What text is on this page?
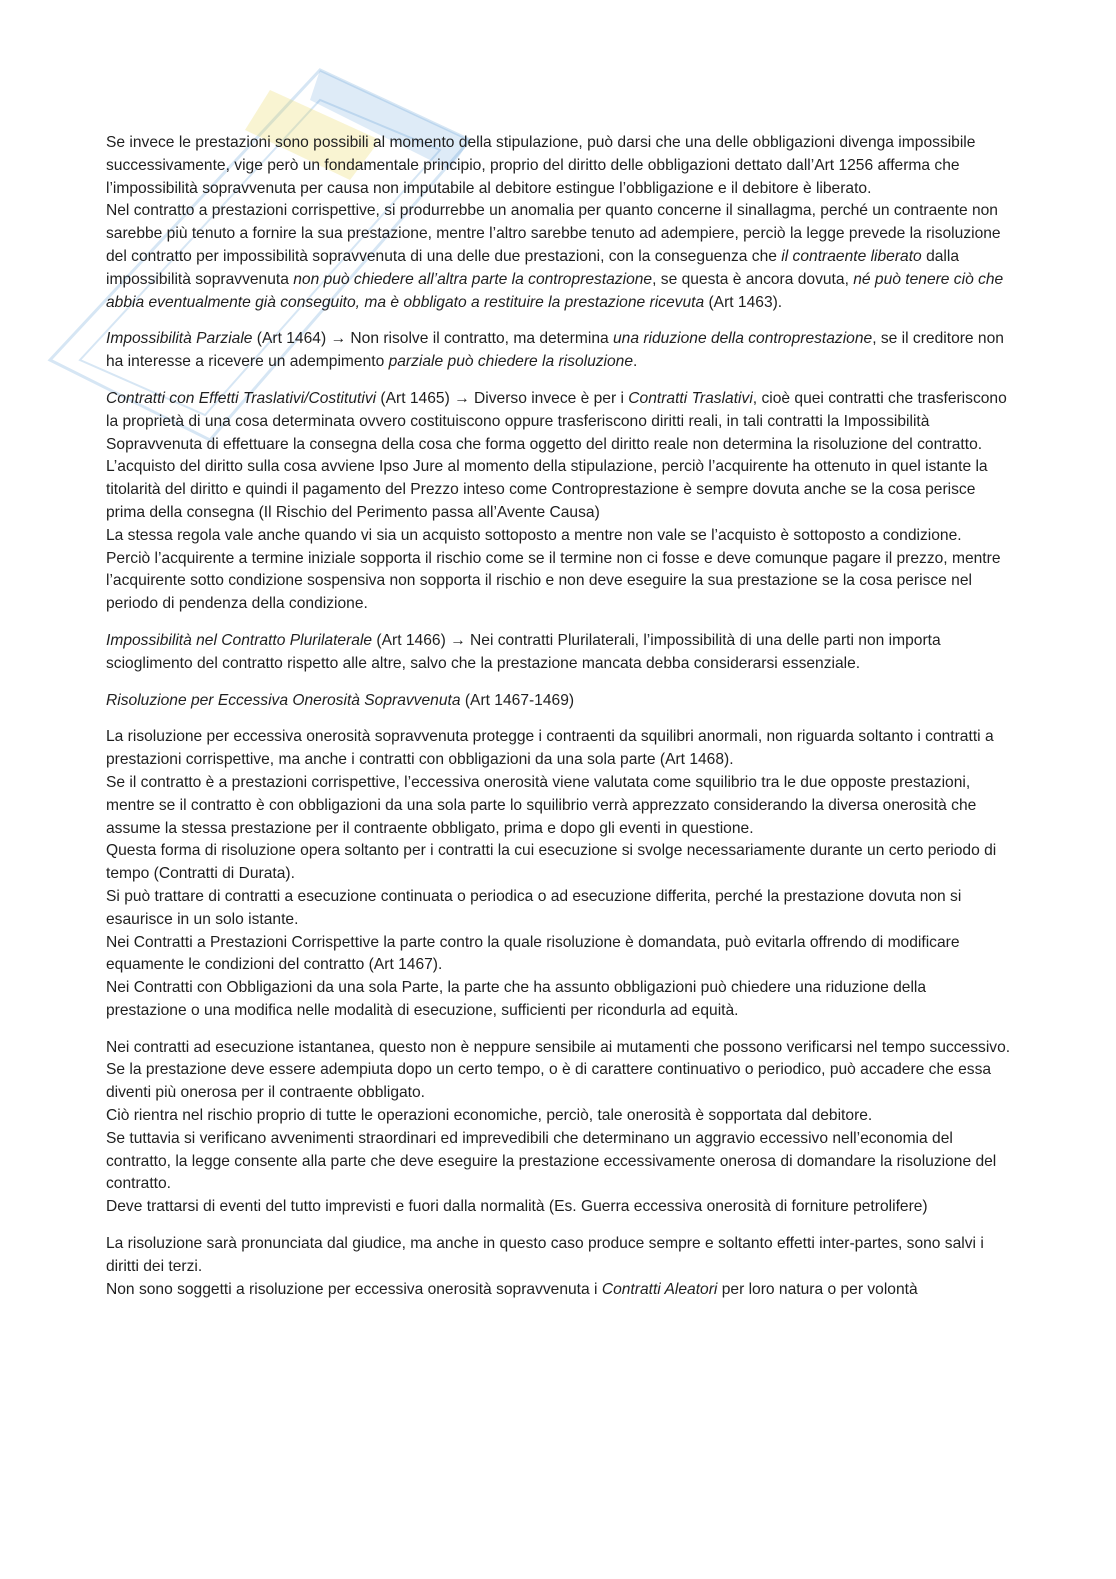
Se invece le prestazioni sono possibili al momento della stipulazione, può darsi che una delle obbligazioni divenga impossibile successivamente, vige però un fondamentale principio, proprio del diritto delle obbligazioni dettato dall’Art 1256 afferma che l’impossibilità sopravvenuta per causa non imputabile al debitore estingue l’obbligazione e il debitore è liberato.
Nel contratto a prestazioni corrispettive, si produrrebbe un anomalia per quanto concerne il sinallagma, perché un contraente non sarebbe più tenuto a fornire la sua prestazione, mentre l’altro sarebbe tenuto ad adempiere, perciò la legge prevede la risoluzione del contratto per impossibilità sopravvenuta di una delle due prestazioni, con la conseguenza che il contraente liberato dalla impossibilità sopravvenuta non può chiedere all’altra parte la controprestazione, se questa è ancora dovuta, né può tenere ciò che abbia eventualmente già conseguito, ma è obbligato a restituire la prestazione ricevuta (Art 1463).

Impossibilità Parziale (Art 1464) → Non risolve il contratto, ma determina una riduzione della controprestazione, se il creditore non ha interesse a ricevere un adempimento parziale può chiedere la risoluzione.

Contratti con Effetti Traslativi/Costitutivi (Art 1465) → Diverso invece è per i Contratti Traslativi, cioè quei contratti che trasferiscono la proprietà di una cosa determinata ovvero costituiscono oppure trasferiscono diritti reali, in tali contratti la Impossibilità Sopravvenuta di effettuare la consegna della cosa che forma oggetto del diritto reale non determina la risoluzione del contratto.
L’acquisto del diritto sulla cosa avviene Ipso Jure al momento della stipulazione, perciò l’acquirente ha ottenuto in quel istante la titolarità del diritto e quindi il pagamento del Prezzo inteso come Controprestazione è sempre dovuta anche se la cosa perisce prima della consegna (Il Rischio del Perimento passa all’Avente Causa)
La stessa regola vale anche quando vi sia un acquisto sottoposto a mentre non vale se l’acquisto è sottoposto a condizione.
Perciò l’acquirente a termine iniziale sopporta il rischio come se il termine non ci fosse e deve comunque pagare il prezzo, mentre l’acquirente sotto condizione sospensiva non sopporta il rischio e non deve eseguire la sua prestazione se la cosa perisce nel periodo di pendenza della condizione.

Impossibilità nel Contratto Plurilaterale (Art 1466) → Nei contratti Plurilaterali, l’impossibilità di una delle parti non importa scioglimento del contratto rispetto alle altre, salvo che la prestazione mancata debba considerarsi essenziale.

Risoluzione per Eccessiva Onerosità Sopravvenuta (Art 1467-1469)

La risoluzione per eccessiva onerosità sopravvenuta protegge i contraenti da squilibri anormali, non riguarda soltanto i contratti a prestazioni corrispettive, ma anche i contratti con obbligazioni da una sola parte (Art 1468).
Se il contratto è a prestazioni corrispettive, l’eccessiva onerosità viene valutata come squilibrio tra le due opposte prestazioni, mentre se il contratto è con obbligazioni da una sola parte lo squilibrio verrà apprezzato considerando la diversa onerosità che assume la stessa prestazione per il contraente obbligato, prima e dopo gli eventi in questione.
Questa forma di risoluzione opera soltanto per i contratti la cui esecuzione si svolge necessariamente durante un certo periodo di tempo (Contratti di Durata).
Si può trattare di contratti a esecuzione continuata o periodica o ad esecuzione differita, perché la prestazione dovuta non si esaurisce in un solo istante.
Nei Contratti a Prestazioni Corrispettive la parte contro la quale risoluzione è domandata, può evitarla offrendo di modificare equamente le condizioni del contratto (Art 1467).
Nei Contratti con Obbligazioni da una sola Parte, la parte che ha assunto obbligazioni può chiedere una riduzione della prestazione o una modifica nelle modalità di esecuzione, sufficienti per ricondurla ad equità.

Nei contratti ad esecuzione istantanea, questo non è neppure sensibile ai mutamenti che possono verificarsi nel tempo successivo.
Se la prestazione deve essere adempiuta dopo un certo tempo, o è di carattere continuativo o periodico, può accadere che essa diventi più onerosa per il contraente obbligato.
Ciò rientra nel rischio proprio di tutte le operazioni economiche, perciò, tale onerosità è sopportata dal debitore.
Se tuttavia si verificano avvenimenti straordinari ed imprevedibili che determinano un aggravio eccessivo nell’economia del contratto, la legge consente alla parte che deve eseguire la prestazione eccessivamente onerosa di domandare la risoluzione del contratto.
Deve trattarsi di eventi del tutto imprevisti e fuori dalla normalità (Es. Guerra eccessiva onerosità di forniture petrolifere)

La risoluzione sarà pronunciata dal giudice, ma anche in questo caso produce sempre e soltanto effetti inter-partes, sono salvi i diritti dei terzi.
Non sono soggetti a risoluzione per eccessiva onerosità sopravvenuta i Contratti Aleatori per loro natura o per volontà
